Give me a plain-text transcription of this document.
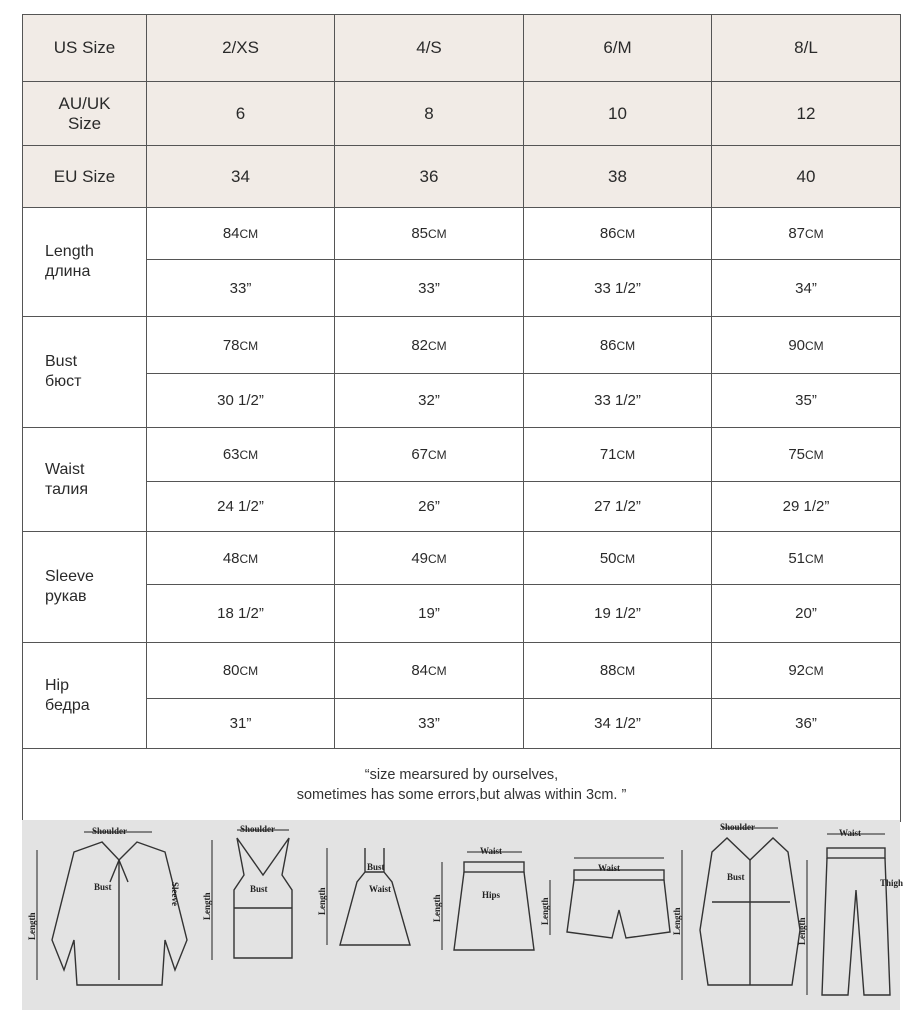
US Size	2/XS	4/S	6/M	8/L

AU/UK
Size	6	8	10	12
EU Size	34	36	38	40

Length
длина	84CM	85CM	86CM	87CM
	33”	33”	33 1/2”	34”

Bust
бюст	78CM	82CM	86CM	90CM
	30 1/2”	32”	33 1/2”	35”

Waist
талия	63CM	67CM	71CM	75CM
	24 1/2”	26”	27 1/2”	29 1/2”

Sleeve
рукав	48CM	49CM	50CM	51CM
	18 1/2”	19”	19 1/2”	20”

Hip
бедра	80CM	84CM	88CM	92CM
	31”	33”	34 1/2”	36”

“size mearsured by ourselves,
sometimes has some errors,but alwas within 3cm. ”				
Shoulder	Shoulder	Shoulder
Bust	Bust
Bust
Bust
Waist
Waist
Waist
Waist
Hips
Thigh
Length
Length	Length	Length	Length	Length	Length
Sleeve
